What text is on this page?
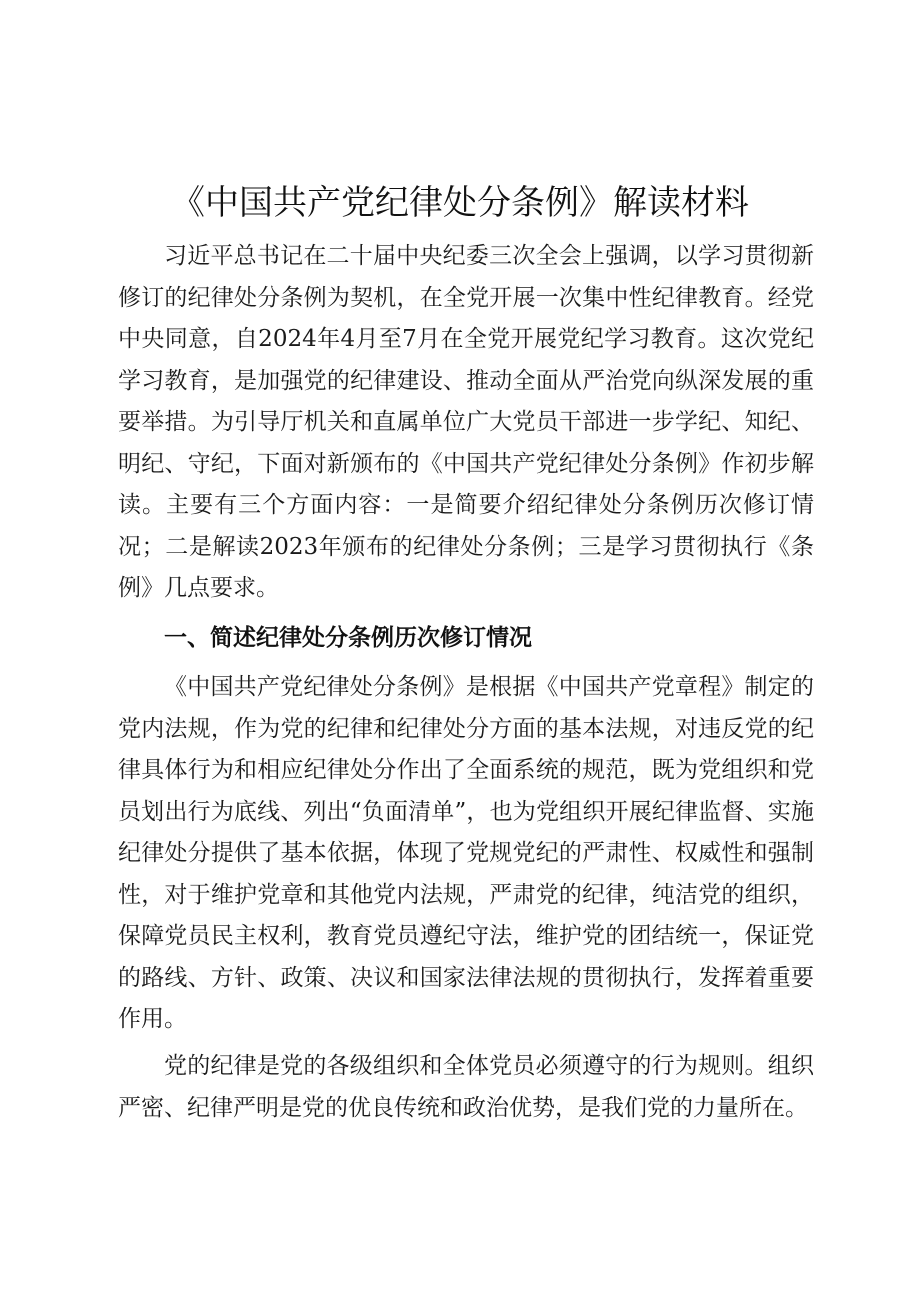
《中国共产党纪律处分条例》解读材料

习近平总书记在二十届中央纪委三次全会上强调，以学习贯彻新修订的纪律处分条例为契机，在全党开展一次集中性纪律教育。经党中央同意，自2024年4月至7月在全党开展党纪学习教育。这次党纪学习教育，是加强党的纪律建设、推动全面从严治党向纵深发展的重要举措。为引导厅机关和直属单位广大党员干部进一步学纪、知纪、明纪、守纪，下面对新颁布的《中国共产党纪律处分条例》作初步解读。主要有三个方面内容：一是简要介绍纪律处分条例历次修订情况；二是解读2023年颁布的纪律处分条例；三是学习贯彻执行《条例》几点要求。

一、简述纪律处分条例历次修订情况

《中国共产党纪律处分条例》是根据《中国共产党章程》制定的党内法规，作为党的纪律和纪律处分方面的基本法规，对违反党的纪律具体行为和相应纪律处分作出了全面系统的规范，既为党组织和党员划出行为底线、列出“负面清单”，也为党组织开展纪律监督、实施纪律处分提供了基本依据，体现了党规党纪的严肃性、权威性和强制性，对于维护党章和其他党内法规，严肃党的纪律，纯洁党的组织，保障党员民主权利，教育党员遵纪守法，维护党的团结统一，保证党的路线、方针、政策、决议和国家法律法规的贯彻执行，发挥着重要作用。

党的纪律是党的各级组织和全体党员必须遵守的行为规则。组织严密、纪律严明是党的优良传统和政治优势，是我们党的力量所在。
